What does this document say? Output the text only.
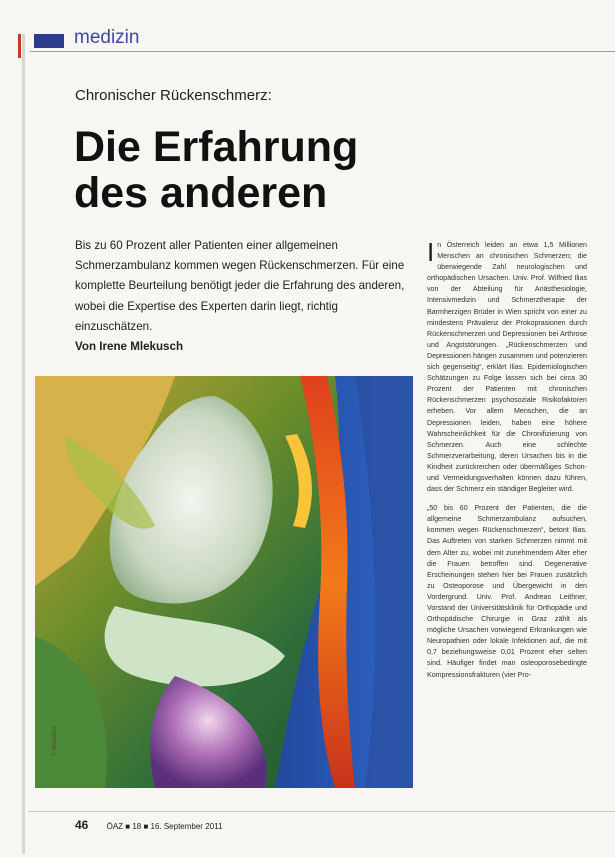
medizin
Chronischer Rückenschmerz:
Die Erfahrung
des anderen

Bis zu 60 Prozent aller Patienten einer allgemeinen Schmerzambulanz kommen wegen Rückenschmerzen. Für eine komplette Beurteilung benötigt jeder die Erfahrung des anderen, wobei die Expertise des Experten darin liegt, richtig einzuschätzen.

Von Irene Mlekusch

© Mauritius

In Österreich leiden an etwa 1,5 Millionen Menschen an chronischen Schmerzen; die überwiegende Zahl neurologischen und orthopädischen Ursachen. Univ. Prof. Wilfried Ilias von der Abteilung für Anästhesiologie, Intensivmedizin und Schmerztherapie der Barmherzigen Brüder in Wien spricht von einer zu mindestens Prävalenz der Prokoprasionen durch Rückenschmerzen und Depressionen bei Arthrose und Angststörungen. „Rückenschmerzen und Depressionen hängen zusammen und potenzieren sich gegenseitig“, erklärt Ilias. Epidemiologischen Schätzungen zu Folge lassen sich bei circa 30 Prozent der Patienten mit chronischen Rückenschmerzen psychosoziale Risikofaktoren erheben. Vor allem Menschen, die an Depressionen leiden, haben eine höhere Wahrscheinlichkeit für die Chronifizierung von Schmerzen. Auch eine schlechte Schmerzverarbeitung, deren Ursachen bis in die Kindheit zurückreichen oder übermäßiges Schon- und Vermeidungsverhalten können dazu führen, dass der Schmerz ein ständiger Begleiter wird.

„50 bis 60 Prozent der Patienten, die die allgemeine Schmerzambulanz aufsuchen, kommen wegen Rückenschmerzen“, betont Ilias. Das Auftreten von starken Schmerzen nimmt mit dem Alter zu, wobei mit zunehmendem Alter eher die Frauen betroffen sind. Degenerative Erscheinungen stehen hier bei Frauen zusätzlich zu Osteoporose und Übergewicht in den Vordergrund. Univ. Prof. Andreas Leithner, Vorstand der Universitätsklinik für Orthopädie und Orthopädische Chirurgie in Graz zählt als mögliche Ursachen vorwiegend Erkrankungen wie Neuropathien oder lokale Infektionen auf, die mit 0,7 beziehungsweise 0,01 Prozent eher selten sind. Häufiger findet man osteoporosebedingte Kompressionsfrakturen (vier Pro-

46 ÖAZ ■ 18 ■ 16. September 2011
